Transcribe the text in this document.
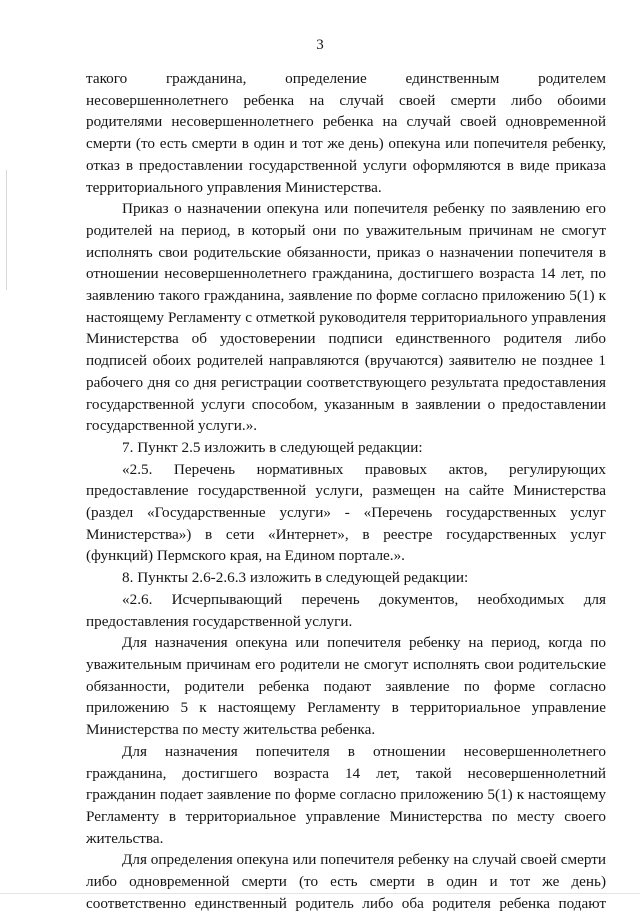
3

такого гражданина, определение единственным родителем несовершеннолетнего ребенка на случай своей смерти либо обоими родителями несовершеннолетнего ребенка на случай своей одновременной смерти (то есть смерти в один и тот же день) опекуна или попечителя ребенку, отказ в предоставлении государственной услуги оформляются в виде приказа территориального управления Министерства.

Приказ о назначении опекуна или попечителя ребенку по заявлению его родителей на период, в который они по уважительным причинам не смогут исполнять свои родительские обязанности, приказ о назначении попечителя в отношении несовершеннолетнего гражданина, достигшего возраста 14 лет, по заявлению такого гражданина, заявление по форме согласно приложению 5(1) к настоящему Регламенту с отметкой руководителя территориального управления Министерства об удостоверении подписи единственного родителя либо подписей обоих родителей направляются (вручаются) заявителю не позднее 1 рабочего дня со дня регистрации соответствующего результата предоставления государственной услуги способом, указанным в заявлении о предоставлении государственной услуги.».

7. Пункт 2.5 изложить в следующей редакции:

«2.5. Перечень нормативных правовых актов, регулирующих предоставление государственной услуги, размещен на сайте Министерства (раздел «Государственные услуги» - «Перечень государственных услуг Министерства») в сети «Интернет», в реестре государственных услуг (функций) Пермского края, на Едином портале.».

8. Пункты 2.6-2.6.3 изложить в следующей редакции:

«2.6. Исчерпывающий перечень документов, необходимых для предоставления государственной услуги.

Для назначения опекуна или попечителя ребенку на период, когда по уважительным причинам его родители не смогут исполнять свои родительские обязанности, родители ребенка подают заявление по форме согласно приложению 5 к настоящему Регламенту в территориальное управление Министерства по месту жительства ребенка.

Для назначения попечителя в отношении несовершеннолетнего гражданина, достигшего возраста 14 лет, такой несовершеннолетний гражданин подает заявление по форме согласно приложению 5(1) к настоящему Регламенту в территориальное управление Министерства по месту своего жительства.

Для определения опекуна или попечителя ребенку на случай своей смерти либо одновременной смерти (то есть смерти в один и тот же день) соответственно единственный родитель либо оба родителя ребенка подают
